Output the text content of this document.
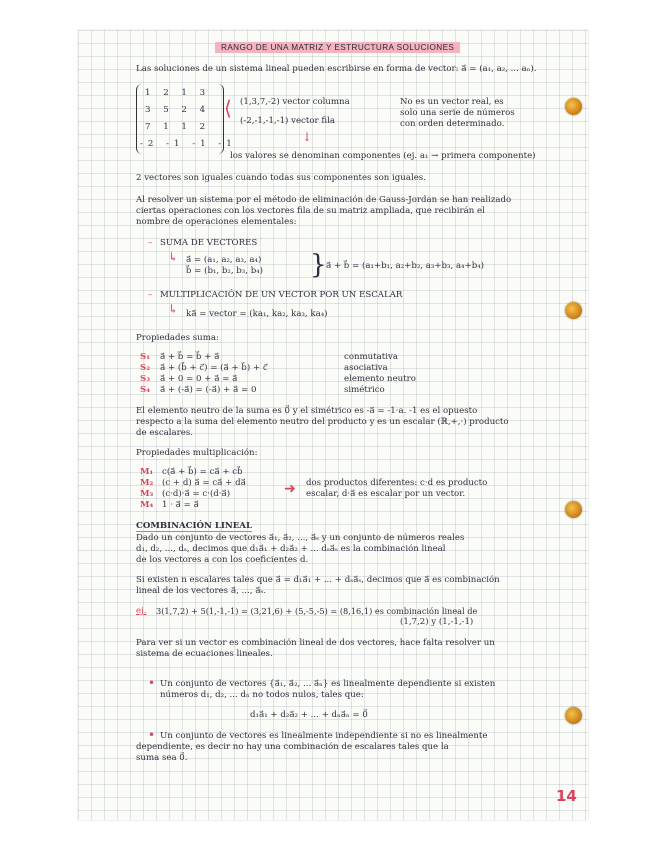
RANGO DE UNA MATRIZ Y ESTRUCTURA SOLUCIONES
Las soluciones de un sistema lineal pueden escribirse en forma de vector: a⃗ = (a₁, a₂, ... aₙ).
1 2 1 3
3 5 2 4
7 1 1 2
-2 -1 -1 -1
⟨ (1,3,7,-2) vector columna
(-2,-1,-1,-1) vector fila
↓
No es un vector real, es
solo una serie de números
con orden determinado.
los valores se denominan componentes (ej. a₁ → primera componente)
2 vectores son iguales cuando todas sus componentes son iguales.
Al resolver un sistema por el método de eliminación de Gauss-Jordan se han realizado
ciertas operaciones con los vectores fila de su matriz ampliada, que recibirán el
nombre de operaciones elementales:
– SUMA DE VECTORES
↳ a⃗ = (a₁, a₂, a₃, a₄)
b⃗ = (b₁, b₂, b₃, b₄) } a⃗ + b⃗ = (a₁+b₁, a₂+b₂, a₃+b₃, a₄+b₄)
– MULTIPLICACIÓN DE UN VECTOR POR UN ESCALAR
↳ ka⃗ = vector = (ka₁, ka₂, ka₃, ka₄)
Propiedades suma:
S₁ a⃗ + b⃗ = b⃗ + a⃗	conmutativa
S₂ a⃗ + (b⃗ + c⃗) = (a⃗ + b⃗) + c⃗	asociativa
S₃ a⃗ + 0 = 0 + a⃗ = a⃗	elemento neutro
S₄ a⃗ + (-a⃗) = (-a⃗) + a⃗ = 0	simétrico
El elemento neutro de la suma es 0⃗ y el simétrico es -a⃗ = -1·a. -1 es el opuesto
respecto a la suma del elemento neutro del producto y es un escalar (ℝ,+,·) producto
de escalares.
Propiedades multiplicación:
M₁ c(a⃗ + b⃗) = ca⃗ + cb⃗
M₂ (c + d) a⃗ = ca⃗ + da⃗
M₃ (c·d)·a⃗ = c·(d·a⃗)
M₄ 1 · a⃗ = a⃗
➜ dos productos diferentes: c·d es producto
escalar, d·a⃗ es escalar por un vector.
COMBINACIÓN LINEAL
Dado un conjunto de vectores a⃗₁, a⃗₂, ..., a⃗ₛ y un conjunto de números reales
d₁, d₂, ..., dₛ, decimos que d₁a⃗₁ + d₂a⃗₂ + ... dₛa⃗ₛ es la combinación lineal
de los vectores a con los coeficientes d.
Si existen n escalares tales que a⃗ = d₁a⃗₁ + ... + dₛa⃗ₛ, decimos que a⃗ es combinación
lineal de los vectores a⃗, ..., a⃗ₛ.
ej. 3(1,7,2) + 5(1,-1,-1) = (3,21,6) + (5,-5,-5) = (8,16,1) es combinación lineal de
(1,7,2) y (1,-1,-1)
Para ver si un vector es combinación lineal de dos vectores, hace falta resolver un
sistema de ecuaciones lineales.
• Un conjunto de vectores {a⃗₁, a⃗₂, ... a⃗ₙ} es linealmente dependiente si existen
números d₁, d₂, ... dₙ no todos nulos, tales que:
d₁a⃗₁ + d₂a⃗₂ + ... + dₙa⃗ₙ = 0⃗
• Un conjunto de vectores es linealmente independiente si no es linealmente
dependiente, es decir no hay una combinación de escalares tales que la
suma sea 0⃗.
14
